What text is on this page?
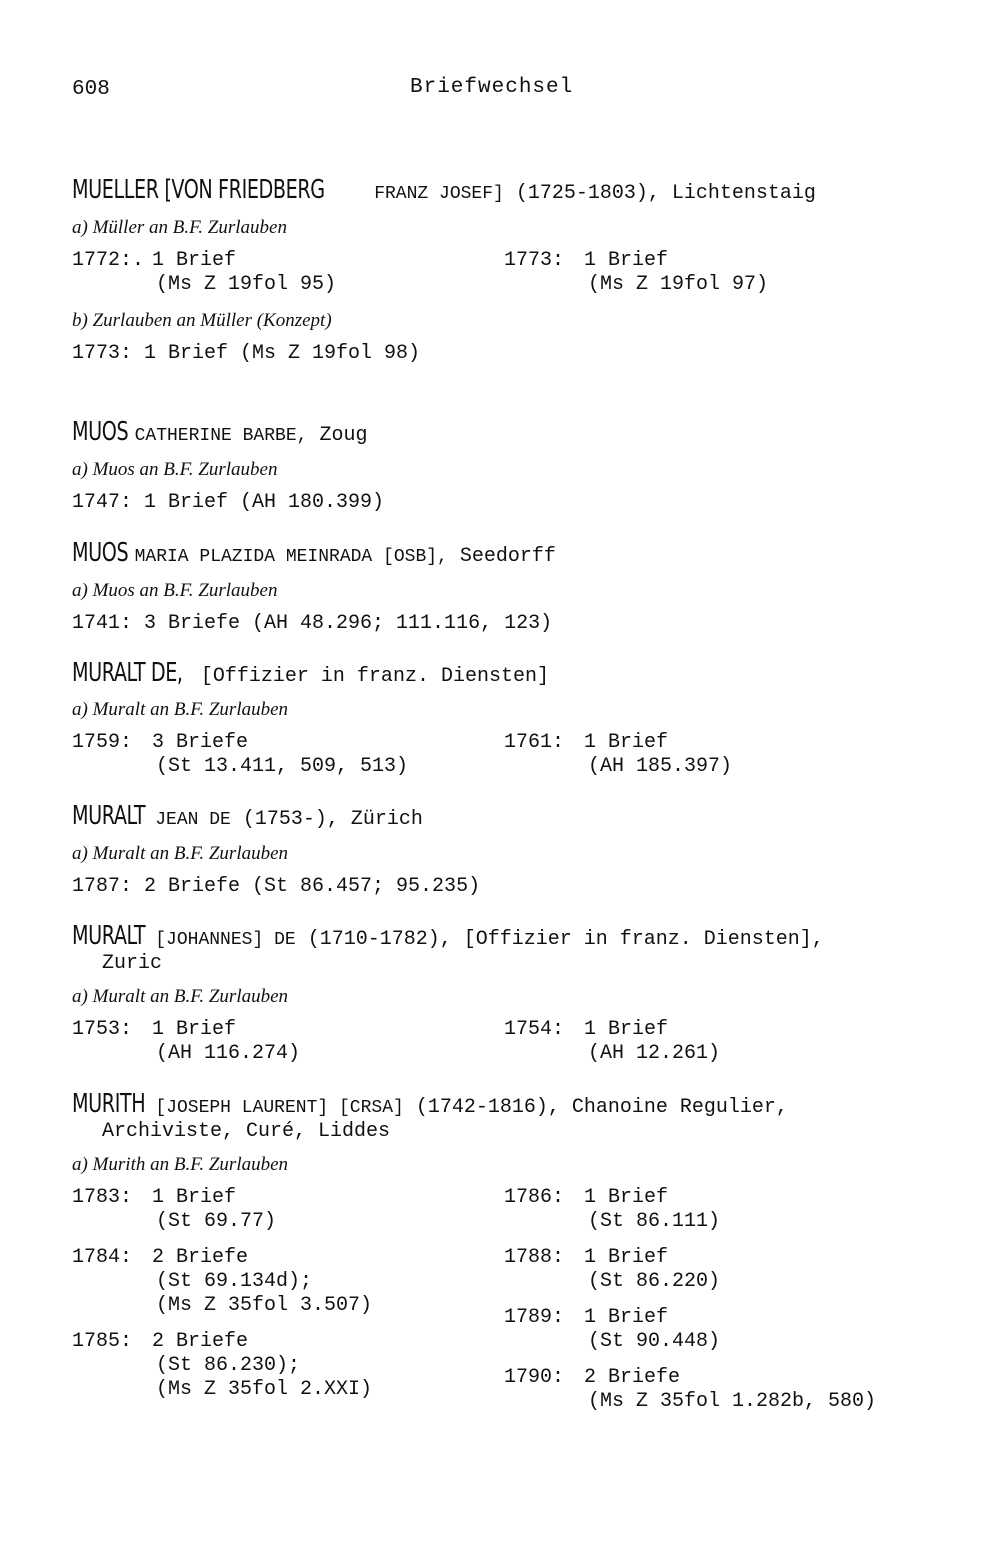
608	Briefwechsel
MUELLER [VON FRIEDBERG	FRANZ JOSEF] (1725-1803), Lichtenstaig
a) Müller an B.F. Zurlauben
1772:. 1 Brief
(Ms Z 19fol 95)
1773: 1 Brief
(Ms Z 19fol 97)
b) Zurlauben an Müller (Konzept)
1773: 1 Brief (Ms Z 19fol 98)
MUOS CATHERINE BARBE, Zoug
a) Muos an B.F. Zurlauben
1747: 1 Brief (AH 180.399)
MUOS MARIA PLAZIDA MEINRADA [OSB], Seedorff
a) Muos an B.F. Zurlauben
1741: 3 Briefe (AH 48.296; 111.116, 123)
MURALT DE, [Offizier in franz. Diensten]
a) Muralt an B.F. Zurlauben
1759: 3 Briefe
(St 13.411, 509, 513)
1761: 1 Brief
(AH 185.397)
MURALT JEAN DE (1753-), Zürich
a) Muralt an B.F. Zurlauben
1787: 2 Briefe (St 86.457; 95.235)
MURALT [JOHANNES] DE (1710-1782), [Offizier in franz. Diensten],
Zuric
a) Muralt an B.F. Zurlauben
1753: 1 Brief
(AH 116.274)
1754: 1 Brief
(AH 12.261)
MURITH [JOSEPH LAURENT] [CRSA] (1742-1816), Chanoine Regulier,
Archiviste, Curé, Liddes
a) Murith an B.F. Zurlauben
1783: 1 Brief
(St 69.77)
1784: 2 Briefe
(St 69.134d);
(Ms Z 35fol 3.507)
1785: 2 Briefe
(St 86.230);
(Ms Z 35fol 2.XXI)
1786: 1 Brief
(St 86.111)
1788: 1 Brief
(St 86.220)
1789: 1 Brief
(St 90.448)
1790: 2 Briefe
(Ms Z 35fol 1.282b, 580)
